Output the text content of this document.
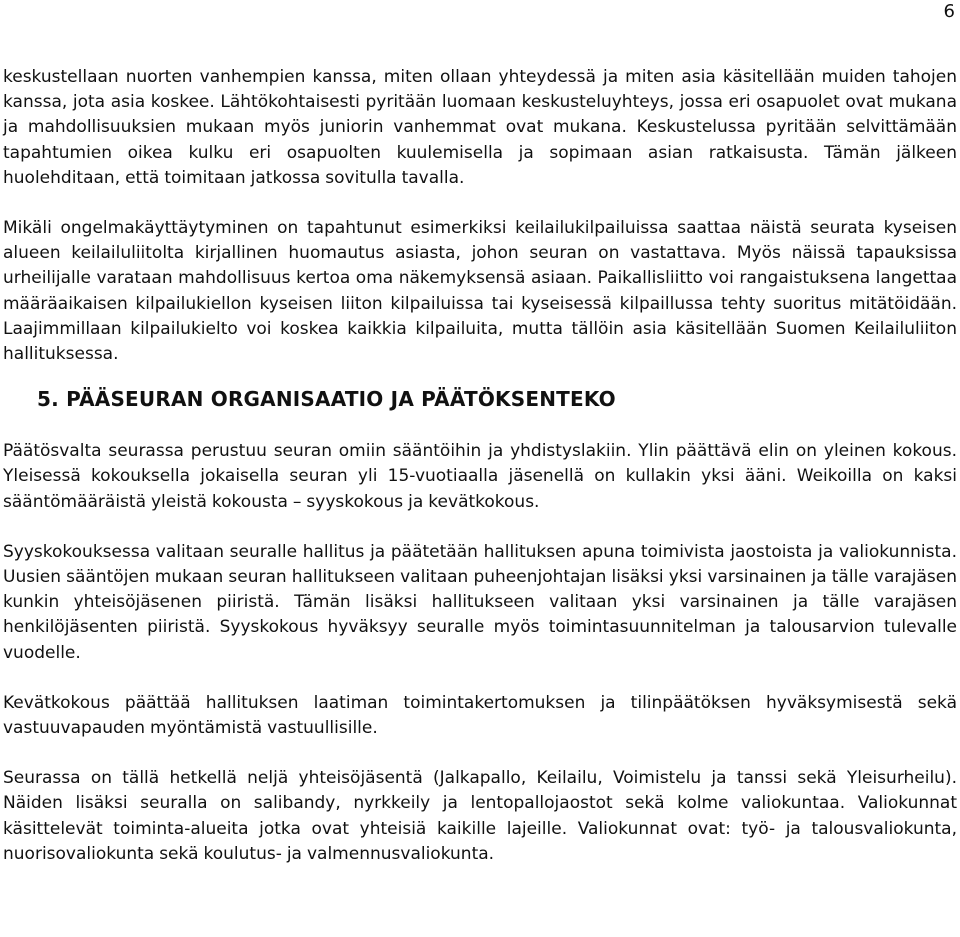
6

keskustellaan nuorten vanhempien kanssa, miten ollaan yhteydessä ja miten asia käsitellään muiden tahojen kanssa, jota asia koskee. Lähtökohtaisesti pyritään luomaan keskusteluyhteys, jossa eri osapuolet ovat mukana ja mahdollisuuksien mukaan myös juniorin vanhemmat ovat mukana. Keskustelussa pyritään selvittämään tapahtumien oikea kulku eri osapuolten kuulemisella ja sopimaan asian ratkaisusta. Tämän jälkeen huolehditaan, että toimitaan jatkossa sovitulla tavalla.

Mikäli ongelmakäyttäytyminen on tapahtunut esimerkiksi keilailukilpailuissa saattaa näistä seurata kyseisen alueen keilailuliitolta kirjallinen huomautus asiasta, johon seuran on vastattava. Myös näissä tapauksissa urheilijalle varataan mahdollisuus kertoa oma näkemyksensä asiaan. Paikallisliitto voi rangaistuksena langettaa määräaikaisen kilpailukiellon kyseisen liiton kilpailuissa tai kyseisessä kilpaillussa tehty suoritus mitätöidään. Laajimmillaan kilpailukielto voi koskea kaikkia kilpailuita, mutta tällöin asia käsitellään Suomen Keilailuliiton hallituksessa.

5. PÄÄSEURAN ORGANISAATIO JA PÄÄTÖKSENTEKO

Päätösvalta seurassa perustuu seuran omiin sääntöihin ja yhdistyslakiin. Ylin päättävä elin on yleinen kokous. Yleisessä kokouksella jokaisella seuran yli 15-vuotiaalla jäsenellä on kullakin yksi ääni. Weikoilla on kaksi sääntömääräistä yleistä kokousta – syyskokous ja kevätkokous.

Syyskokouksessa valitaan seuralle hallitus ja päätetään hallituksen apuna toimivista jaostoista ja valiokunnista. Uusien sääntöjen mukaan seuran hallitukseen valitaan puheenjohtajan lisäksi yksi varsinainen ja tälle varajäsen kunkin yhteisöjäsenen piiristä. Tämän lisäksi hallitukseen valitaan yksi varsinainen ja tälle varajäsen henkilöjäsenten piiristä. Syyskokous hyväksyy seuralle myös toimintasuunnitelman ja talousarvion tulevalle vuodelle.

Kevätkokous päättää hallituksen laatiman toimintakertomuksen ja tilinpäätöksen hyväksymisestä sekä vastuuvapauden myöntämistä vastuullisille.

Seurassa on tällä hetkellä neljä yhteisöjäsentä (Jalkapallo, Keilailu, Voimistelu ja tanssi sekä Yleisurheilu). Näiden lisäksi seuralla on salibandy, nyrkkeily ja lentopallojaostot sekä kolme valiokuntaa. Valiokunnat käsittelevät toiminta-alueita jotka ovat yhteisiä kaikille lajeille. Valiokunnat ovat: työ- ja talousvaliokunta, nuorisovaliokunta sekä koulutus- ja valmennusvaliokunta.
